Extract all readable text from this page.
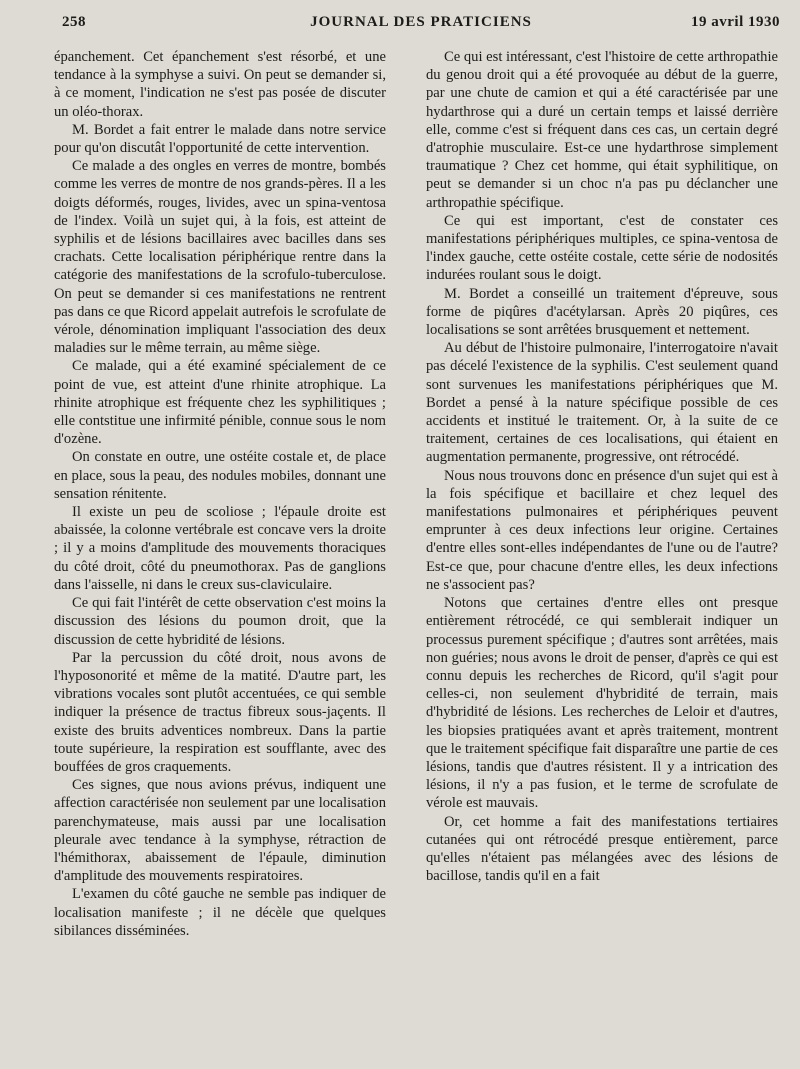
258	JOURNAL DES PRATICIENS	19 avril 1930

épanchement. Cet épanchement s'est résorbé, et une tendance à la symphyse a suivi. On peut se demander si, à ce moment, l'indication ne s'est pas posée de discuter un oléo-thorax.

M. Bordet a fait entrer le malade dans notre service pour qu'on discutât l'opportunité de cette intervention.

Ce malade a des ongles en verres de montre, bombés comme les verres de montre de nos grands-pères. Il a les doigts déformés, rouges, livides, avec un spina-ventosa de l'index. Voilà un sujet qui, à la fois, est atteint de syphilis et de lésions bacillaires avec bacilles dans ses crachats. Cette localisation périphérique rentre dans la catégorie des manifestations de la scrofulo-tuberculose. On peut se demander si ces manifestations ne rentrent pas dans ce que Ricord appelait autrefois le scrofulate de vérole, dénomination impliquant l'association des deux maladies sur le même terrain, au même siège.

Ce malade, qui a été examiné spécialement de ce point de vue, est atteint d'une rhinite atrophique. La rhinite atrophique est fréquente chez les syphilitiques ; elle contstitue une infirmité pénible, connue sous le nom d'ozène.

On constate en outre, une ostéite costale et, de place en place, sous la peau, des nodules mobiles, donnant une sensation rénitente.

Il existe un peu de scoliose ; l'épaule droite est abaissée, la colonne vertébrale est concave vers la droite ; il y a moins d'amplitude des mouvements thoraciques du côté droit, côté du pneumothorax. Pas de ganglions dans l'aisselle, ni dans le creux sus-claviculaire.

Ce qui fait l'intérêt de cette observation c'est moins la discussion des lésions du poumon droit, que la discussion de cette hybridité de lésions.

Par la percussion du côté droit, nous avons de l'hyposonorité et même de la matité. D'autre part, les vibrations vocales sont plutôt accentuées, ce qui semble indiquer la présence de tractus fibreux sous-jaçents. Il existe des bruits adventices nombreux. Dans la partie toute supérieure, la respiration est soufflante, avec des bouffées de gros craquements.

Ces signes, que nous avions prévus, indiquent une affection caractérisée non seulement par une localisation parenchymateuse, mais aussi par une localisation pleurale avec tendance à la symphyse, rétraction de l'hémithorax, abaissement de l'épaule, diminution d'amplitude des mouvements respiratoires.

L'examen du côté gauche ne semble pas indiquer de localisation manifeste ; il ne décèle que quelques sibilances disséminées.

Ce qui est intéressant, c'est l'histoire de cette arthropathie du genou droit qui a été provoquée au début de la guerre, par une chute de camion et qui a été caractérisée par une hydarthrose qui a duré un certain temps et laissé derrière elle, comme c'est si fréquent dans ces cas, un certain degré d'atrophie musculaire. Est-ce une hydarthrose simplement traumatique ? Chez cet homme, qui était syphilitique, on peut se demander si un choc n'a pas pu déclancher une arthropathie spécifique.

Ce qui est important, c'est de constater ces manifestations périphériques multiples, ce spina-ventosa de l'index gauche, cette ostéite costale, cette série de nodosités indurées roulant sous le doigt.

M. Bordet a conseillé un traitement d'épreuve, sous forme de piqûres d'acétylarsan. Après 20 piqûres, ces localisations se sont arrêtées brusquement et nettement.

Au début de l'histoire pulmonaire, l'interrogatoire n'avait pas décelé l'existence de la syphilis. C'est seulement quand sont survenues les manifestations périphériques que M. Bordet a pensé à la nature spécifique possible de ces accidents et institué le traitement. Or, à la suite de ce traitement, certaines de ces localisations, qui étaient en augmentation permanente, progressive, ont rétrocédé.

Nous nous trouvons donc en présence d'un sujet qui est à la fois spécifique et bacillaire et chez lequel des manifestations pulmonaires et périphériques peuvent emprunter à ces deux infections leur origine. Certaines d'entre elles sont-elles indépendantes de l'une ou de l'autre? Est-ce que, pour chacune d'entre elles, les deux infections ne s'associent pas?

Notons que certaines d'entre elles ont presque entièrement rétrocédé, ce qui semblerait indiquer un processus purement spécifique ; d'autres sont arrêtées, mais non guéries; nous avons le droit de penser, d'après ce qui est connu depuis les recherches de Ricord, qu'il s'agit pour celles-ci, non seulement d'hybridité de terrain, mais d'hybridité de lésions. Les recherches de Leloir et d'autres, les biopsies pratiquées avant et après traitement, montrent que le traitement spécifique fait disparaître une partie de ces lésions, tandis que d'autres résistent. Il y a intrication des lésions, il n'y a pas fusion, et le terme de scrofulate de vérole est mauvais.

Or, cet homme a fait des manifestations tertiaires cutanées qui ont rétrocédé presque entièrement, parce qu'elles n'étaient pas mélangées avec des lésions de bacillose, tandis qu'il en a fait
